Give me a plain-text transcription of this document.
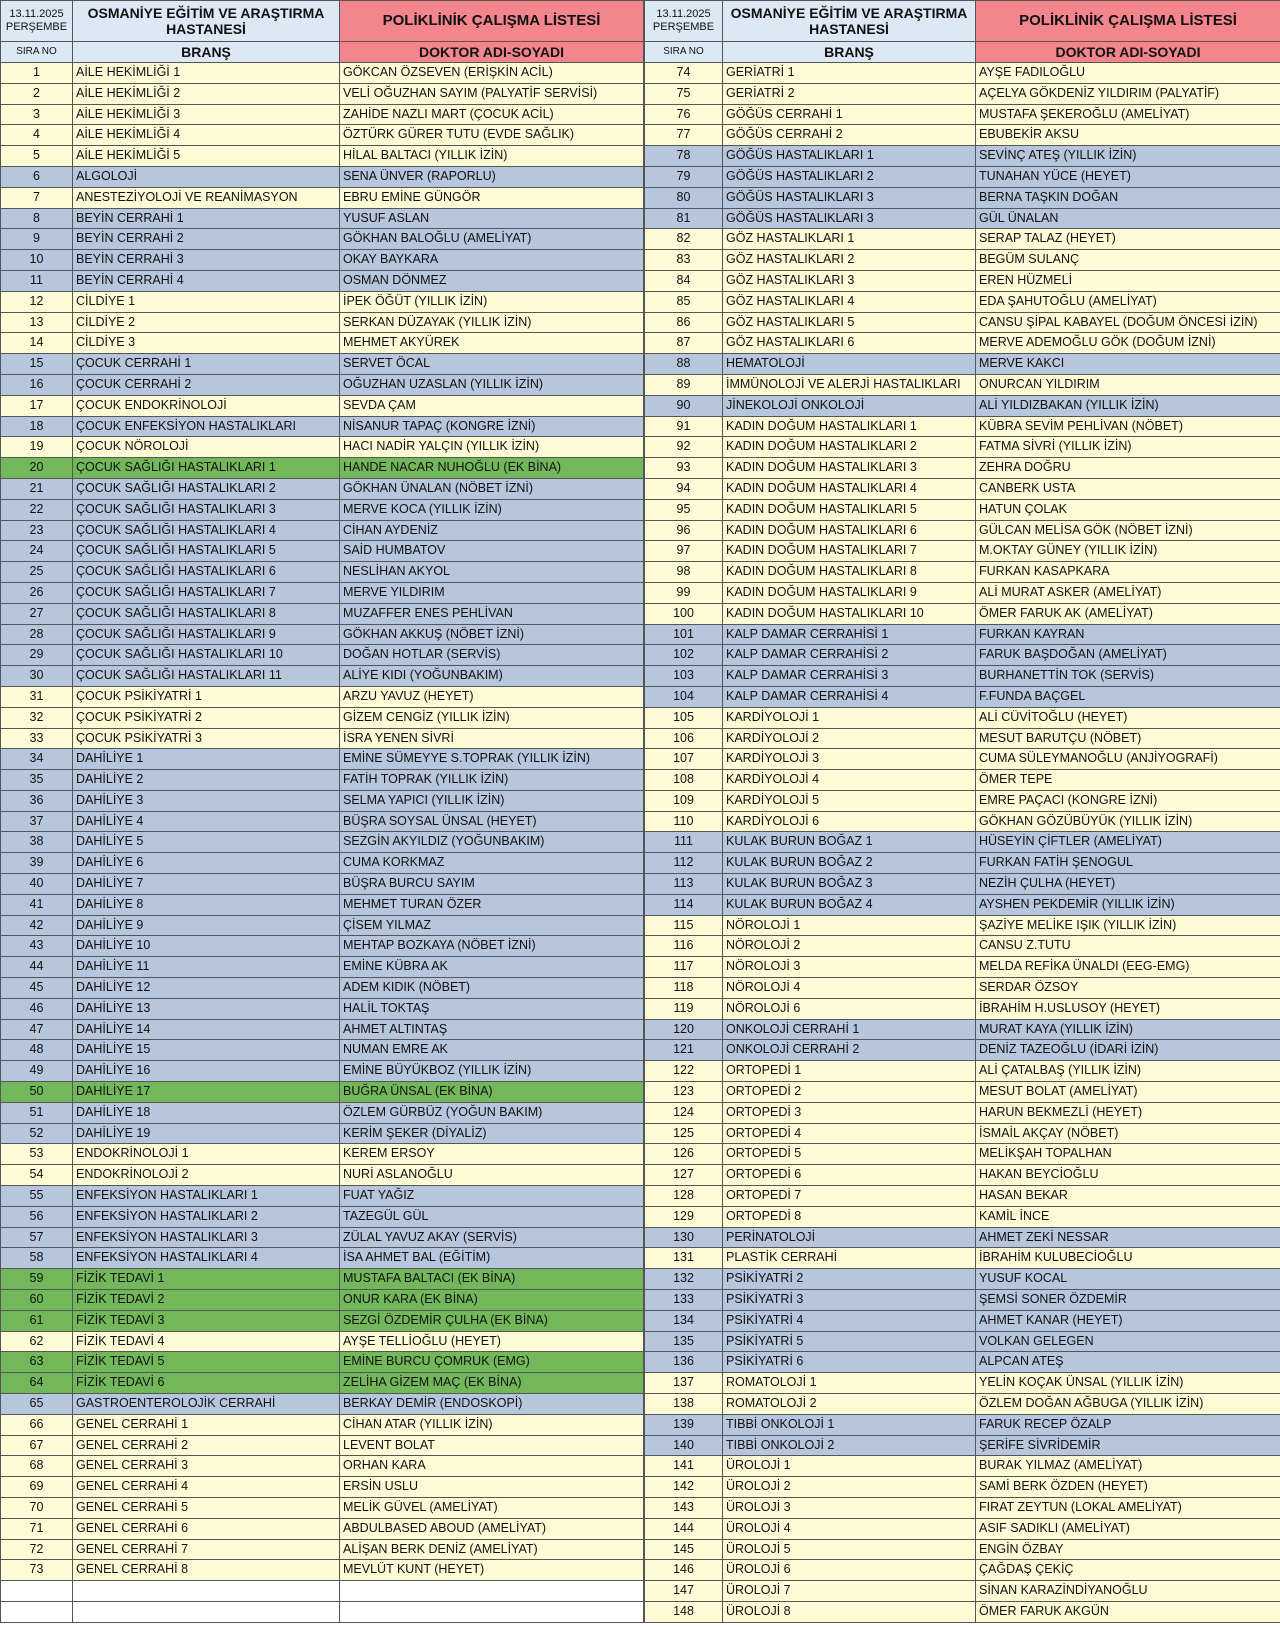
13.11.2025
PERŞEMBE	OSMANİYE EĞİTİM VE ARAŞTIRMA HASTANESİ	POLİKLİNİK ÇALIŞMA LİSTESİ
SIRA NO	BRANŞ	DOKTOR ADI-SOYADI
1	AİLE HEKİMLİĞİ 1	GÖKCAN ÖZSEVEN (ERİŞKİN ACİL)
2	AİLE HEKİMLİĞİ 2	VELİ OĞUZHAN SAYIM (PALYATİF SERVİSİ)
3	AİLE HEKİMLİĞİ 3	ZAHİDE NAZLI MART (ÇOCUK ACİL)
4	AİLE HEKİMLİĞİ 4	ÖZTÜRK GÜRER TUTU (EVDE SAĞLIK)
5	AİLE HEKİMLİĞİ 5	HİLAL BALTACI (YILLIK İZİN)
6	ALGOLOJİ	SENA ÜNVER (RAPORLU)
7	ANESTEZİYOLOJİ VE REANİMASYON	EBRU EMİNE GÜNGÖR
8	BEYİN CERRAHİ 1	YUSUF ASLAN
9	BEYİN CERRAHİ 2	GÖKHAN BALOĞLU (AMELİYAT)
10	BEYİN CERRAHİ 3	OKAY BAYKARA
11	BEYİN CERRAHİ 4	OSMAN DÖNMEZ
12	CİLDİYE 1	İPEK ÖĞÜT (YILLIK İZİN)
13	CİLDİYE 2	SERKAN DÜZAYAK (YILLIK İZİN)
14	CİLDİYE 3	MEHMET AKYÜREK
15	ÇOCUK CERRAHİ 1	SERVET ÖCAL
16	ÇOCUK CERRAHİ 2	OĞUZHAN UZASLAN (YILLIK İZİN)
17	ÇOCUK ENDOKRİNOLOJİ	SEVDA ÇAM
18	ÇOCUK ENFEKSİYON HASTALIKLARI	NİSANUR TAPAÇ (KONGRE İZNİ)
19	ÇOCUK NÖROLOJİ	HACI NADİR YALÇIN (YILLIK İZİN)
20	ÇOCUK SAĞLIĞI HASTALIKLARI 1	HANDE NACAR NUHOĞLU (EK BİNA)
21	ÇOCUK SAĞLIĞI HASTALIKLARI 2	GÖKHAN ÜNALAN (NÖBET İZNİ)
22	ÇOCUK SAĞLIĞI HASTALIKLARI 3	MERVE KOCA (YILLIK İZİN)
23	ÇOCUK SAĞLIĞI HASTALIKLARI 4	CİHAN AYDENİZ
24	ÇOCUK SAĞLIĞI HASTALIKLARI 5	SAİD HUMBATOV
25	ÇOCUK SAĞLIĞI HASTALIKLARI 6	NESLİHAN AKYOL
26	ÇOCUK SAĞLIĞI HASTALIKLARI 7	MERVE YILDIRIM
27	ÇOCUK SAĞLIĞI HASTALIKLARI 8	MUZAFFER ENES PEHLİVAN
28	ÇOCUK SAĞLIĞI HASTALIKLARI 9	GÖKHAN AKKUŞ (NÖBET İZNİ)
29	ÇOCUK SAĞLIĞI HASTALIKLARI 10	DOĞAN HOTLAR (SERVİS)
30	ÇOCUK SAĞLIĞI HASTALIKLARI 11	ALİYE KIDI (YOĞUNBAKIM)
31	ÇOCUK PSİKİYATRİ 1	ARZU YAVUZ (HEYET)
32	ÇOCUK PSİKİYATRİ 2	GİZEM CENGİZ (YILLIK İZİN)
33	ÇOCUK PSİKİYATRİ 3	İSRA YENEN SİVRİ
34	DAHİLİYE 1	EMİNE SÜMEYYE S.TOPRAK (YILLIK İZİN)
35	DAHİLİYE 2	FATİH TOPRAK (YILLIK İZİN)
36	DAHİLİYE 3	SELMA YAPICI (YILLIK İZİN)
37	DAHİLİYE 4	BÜŞRA SOYSAL ÜNSAL (HEYET)
38	DAHİLİYE 5	SEZGİN AKYILDIZ (YOĞUNBAKIM)
39	DAHİLİYE 6	CUMA KORKMAZ
40	DAHİLİYE 7	BÜŞRA BURCU SAYIM
41	DAHİLİYE 8	MEHMET TURAN ÖZER
42	DAHİLİYE 9	ÇİSEM YILMAZ
43	DAHİLİYE 10	MEHTAP BOZKAYA (NÖBET İZNİ)
44	DAHİLİYE 11	EMİNE KÜBRA AK
45	DAHİLİYE 12	ADEM KIDIK (NÖBET)
46	DAHİLİYE 13	HALİL TOKTAŞ
47	DAHİLİYE 14	AHMET ALTINTAŞ
48	DAHİLİYE 15	NUMAN EMRE AK
49	DAHİLİYE 16	EMİNE BÜYÜKBOZ (YILLIK İZİN)
50	DAHİLİYE 17	BUĞRA ÜNSAL (EK BİNA)
51	DAHİLİYE 18	ÖZLEM GÜRBÜZ (YOĞUN BAKIM)
52	DAHİLİYE 19	KERİM ŞEKER (DİYALİZ)
53	ENDOKRİNOLOJİ 1	KEREM ERSOY
54	ENDOKRİNOLOJİ 2	NURİ ASLANOĞLU
55	ENFEKSİYON HASTALIKLARI 1	FUAT YAĞIZ
56	ENFEKSİYON HASTALIKLARI 2	TAZEGÜL GÜL
57	ENFEKSİYON HASTALIKLARI 3	ZÜLAL YAVUZ AKAY (SERVİS)
58	ENFEKSİYON HASTALIKLARI 4	İSA AHMET BAL (EĞİTİM)
59	FİZİK TEDAVİ 1	MUSTAFA BALTACI (EK BİNA)
60	FİZİK TEDAVİ 2	ONUR KARA (EK BİNA)
61	FİZİK TEDAVİ 3	SEZGİ ÖZDEMİR ÇULHA (EK BİNA)
62	FİZİK TEDAVİ 4	AYŞE TELLİOĞLU (HEYET)
63	FİZİK TEDAVİ 5	EMİNE BURCU ÇOMRUK (EMG)
64	FİZİK TEDAVİ 6	ZELİHA GİZEM MAÇ (EK BİNA)
65	GASTROENTEROLOJİK CERRAHİ	BERKAY DEMİR (ENDOSKOPİ)
66	GENEL CERRAHİ 1	CİHAN ATAR (YILLIK İZİN)
67	GENEL CERRAHİ 2	LEVENT BOLAT
68	GENEL CERRAHİ 3	ORHAN KARA
69	GENEL CERRAHİ 4	ERSİN USLU
70	GENEL CERRAHİ 5	MELİK GÜVEL (AMELİYAT)
71	GENEL CERRAHİ 6	ABDULBASED ABOUD (AMELİYAT)
72	GENEL CERRAHİ 7	ALİŞAN BERK DENİZ (AMELİYAT)
73	GENEL CERRAHİ 8	MEVLÜT KUNT (HEYET)

13.11.2025
PERŞEMBE	OSMANİYE EĞİTİM VE ARAŞTIRMA HASTANESİ	POLİKLİNİK ÇALIŞMA LİSTESİ
SIRA NO	BRANŞ	DOKTOR ADI-SOYADI
74	GERİATRİ 1	AYŞE FADILOĞLU
75	GERİATRİ 2	AÇELYA GÖKDENİZ YILDIRIM (PALYATİF)
76	GÖĞÜS CERRAHİ 1	MUSTAFA ŞEKEROĞLU (AMELİYAT)
77	GÖĞÜS CERRAHİ 2	EBUBEKİR AKSU
78	GÖĞÜS HASTALIKLARI 1	SEVİNÇ ATEŞ (YILLIK İZİN)
79	GÖĞÜS HASTALIKLARI 2	TUNAHAN YÜCE (HEYET)
80	GÖĞÜS HASTALIKLARI 3	BERNA TAŞKIN DOĞAN
81	GÖĞÜS HASTALIKLARI 3	GÜL ÜNALAN
82	GÖZ HASTALIKLARI 1	SERAP TALAZ (HEYET)
83	GÖZ HASTALIKLARI 2	BEGÜM SULANÇ
84	GÖZ HASTALIKLARI 3	EREN HÜZMELİ
85	GÖZ HASTALIKLARI 4	EDA ŞAHUTOĞLU (AMELİYAT)
86	GÖZ HASTALIKLARI 5	CANSU ŞİPAL KABAYEL (DOĞUM ÖNCESİ İZİN)
87	GÖZ HASTALIKLARI 6	MERVE ADEMOĞLU GÖK (DOĞUM İZNİ)
88	HEMATOLOJİ	MERVE KAKCI
89	İMMÜNOLOJİ VE ALERJİ HASTALIKLARI	ONURCAN YILDIRIM
90	JİNEKOLOJİ ONKOLOJİ	ALİ YILDIZBAKAN (YILLIK İZİN)
91	KADIN DOĞUM HASTALIKLARI 1	KÜBRA SEVİM PEHLİVAN (NÖBET)
92	KADIN DOĞUM HASTALIKLARI 2	FATMA SİVRİ (YILLIK İZİN)
93	KADIN DOĞUM HASTALIKLARI 3	ZEHRA DOĞRU
94	KADIN DOĞUM HASTALIKLARI 4	CANBERK USTA
95	KADIN DOĞUM HASTALIKLARI 5	HATUN ÇOLAK
96	KADIN DOĞUM HASTALIKLARI 6	GÜLCAN MELİSA GÖK (NÖBET İZNİ)
97	KADIN DOĞUM HASTALIKLARI 7	M.OKTAY GÜNEY (YILLIK İZİN)
98	KADIN DOĞUM HASTALIKLARI 8	FURKAN KASAPKARA
99	KADIN DOĞUM HASTALIKLARI 9	ALİ MURAT ASKER (AMELİYAT)
100	KADIN DOĞUM HASTALIKLARI 10	ÖMER FARUK AK (AMELİYAT)
101	KALP DAMAR CERRAHİSİ 1	FURKAN KAYRAN
102	KALP DAMAR CERRAHİSİ 2	FARUK BAŞDOĞAN (AMELİYAT)
103	KALP DAMAR CERRAHİSİ 3	BURHANETTİN TOK (SERVİS)
104	KALP DAMAR CERRAHİSİ 4	F.FUNDA BAÇGEL
105	KARDİYOLOJİ 1	ALİ CÜVİTOĞLU (HEYET)
106	KARDİYOLOJİ 2	MESUT BARUTÇU (NÖBET)
107	KARDİYOLOJİ 3	CUMA SÜLEYMANOĞLU (ANJİYOGRAFİ)
108	KARDİYOLOJİ 4	ÖMER TEPE
109	KARDİYOLOJİ 5	EMRE PAÇACI (KONGRE İZNİ)
110	KARDİYOLOJİ 6	GÖKHAN GÖZÜBÜYÜK (YILLIK İZİN)
111	KULAK BURUN BOĞAZ 1	HÜSEYİN ÇİFTLER (AMELİYAT)
112	KULAK BURUN BOĞAZ 2	FURKAN FATİH ŞENOGUL
113	KULAK BURUN BOĞAZ 3	NEZİH ÇULHA (HEYET)
114	KULAK BURUN BOĞAZ 4	AYSHEN PEKDEMİR (YILLIK İZİN)
115	NÖROLOJİ 1	ŞAZİYE MELİKE IŞIK (YILLIK İZİN)
116	NÖROLOJİ 2	CANSU Z.TUTU
117	NÖROLOJİ 3	MELDA REFİKA ÜNALDI (EEG-EMG)
118	NÖROLOJİ 4	SERDAR ÖZSOY
119	NÖROLOJİ 6	İBRAHİM H.USLUSOY (HEYET)
120	ONKOLOJİ CERRAHİ 1	MURAT KAYA (YILLIK İZİN)
121	ONKOLOJİ CERRAHİ 2	DENİZ TAZEOĞLU (İDARİ İZİN)
122	ORTOPEDİ 1	ALİ ÇATALBAŞ (YILLIK İZİN)
123	ORTOPEDİ 2	MESUT BOLAT (AMELİYAT)
124	ORTOPEDİ 3	HARUN BEKMEZLİ (HEYET)
125	ORTOPEDİ 4	İSMAİL AKÇAY (NÖBET)
126	ORTOPEDİ 5	MELİKŞAH TOPALHAN
127	ORTOPEDİ 6	HAKAN BEYCİOĞLU
128	ORTOPEDİ 7	HASAN BEKAR
129	ORTOPEDİ 8	KAMİL İNCE
130	PERİNATOLOJİ	AHMET ZEKİ NESSAR
131	PLASTİK CERRAHİ	İBRAHİM KULUBECİOĞLU
132	PSİKİYATRİ 2	YUSUF KOCAL
133	PSİKİYATRİ 3	ŞEMSİ SONER ÖZDEMİR
134	PSİKİYATRİ 4	AHMET KANAR (HEYET)
135	PSİKİYATRİ 5	VOLKAN GELEGEN
136	PSİKİYATRİ 6	ALPCAN ATEŞ
137	ROMATOLOJİ 1	YELİN KOÇAK ÜNSAL (YILLIK İZİN)
138	ROMATOLOJİ 2	ÖZLEM DOĞAN AĞBUGA (YILLIK İZİN)
139	TIBBİ ONKOLOJİ 1	FARUK RECEP ÖZALP
140	TIBBİ ONKOLOJİ 2	ŞERİFE SİVRİDEMİR
141	ÜROLOJİ 1	BURAK YILMAZ (AMELİYAT)
142	ÜROLOJİ 2	SAMİ BERK ÖZDEN (HEYET)
143	ÜROLOJİ 3	FIRAT ZEYTUN (LOKAL AMELİYAT)
144	ÜROLOJİ 4	ASIF SADIKLI (AMELİYAT)
145	ÜROLOJİ 5	ENGİN ÖZBAY
146	ÜROLOJİ 6	ÇAĞDAŞ ÇEKİÇ
147	ÜROLOJİ 7	SİNAN KARAZİNDİYANOĞLU
148	ÜROLOJİ 8	ÖMER FARUK AKGÜN
